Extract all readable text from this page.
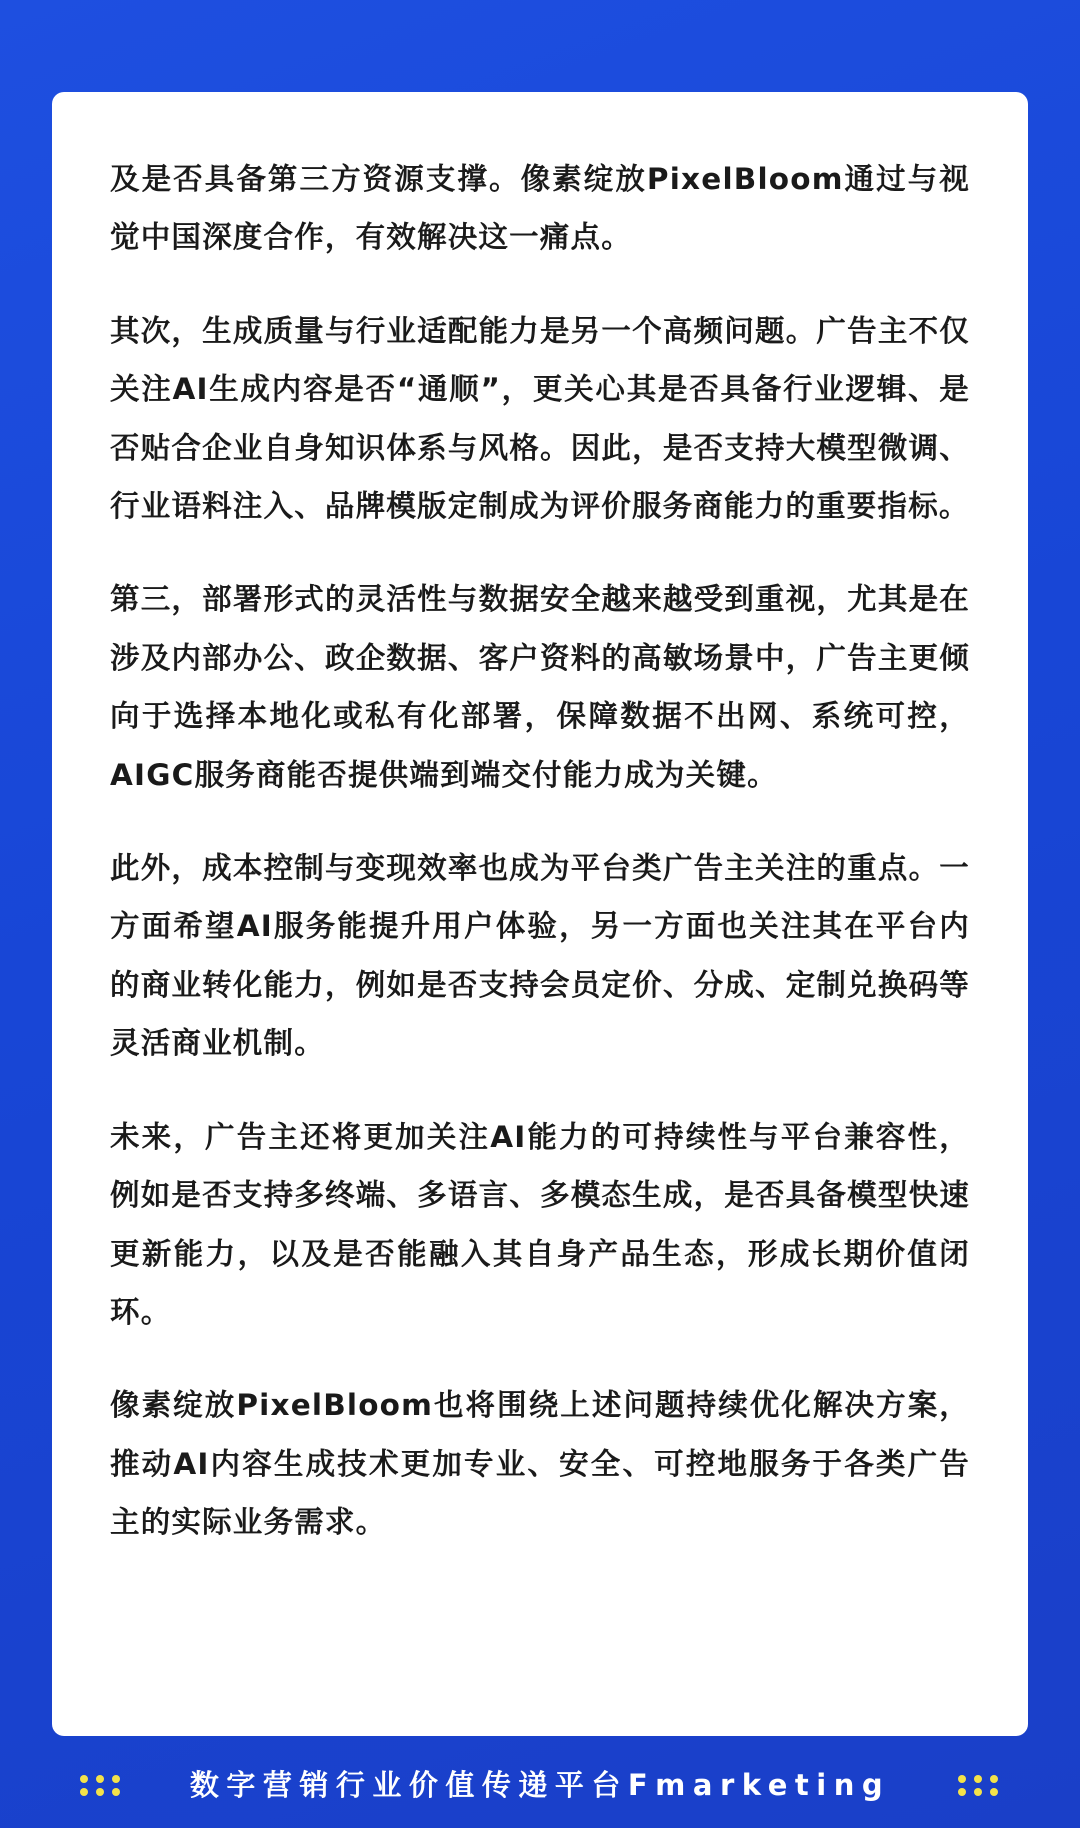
及是否具备第三方资源支撑。像素绽放PixelBloom通过与视觉中国深度合作，有效解决这一痛点。

其次，生成质量与行业适配能力是另一个高频问题。广告主不仅关注AI生成内容是否“通顺”，更关心其是否具备行业逻辑、是否贴合企业自身知识体系与风格。因此，是否支持大模型微调、行业语料注入、品牌模版定制成为评价服务商能力的重要指标。

第三，部署形式的灵活性与数据安全越来越受到重视，尤其是在涉及内部办公、政企数据、客户资料的高敏场景中，广告主更倾向于选择本地化或私有化部署，保障数据不出网、系统可控，AIGC服务商能否提供端到端交付能力成为关键。

此外，成本控制与变现效率也成为平台类广告主关注的重点。一方面希望AI服务能提升用户体验，另一方面也关注其在平台内的商业转化能力，例如是否支持会员定价、分成、定制兑换码等灵活商业机制。

未来，广告主还将更加关注AI能力的可持续性与平台兼容性，例如是否支持多终端、多语言、多模态生成，是否具备模型快速更新能力，以及是否能融入其自身产品生态，形成长期价值闭环。

像素绽放PixelBloom也将围绕上述问题持续优化解决方案，推动AI内容生成技术更加专业、安全、可控地服务于各类广告主的实际业务需求。

数字营销行业价值传递平台Fmarketing
